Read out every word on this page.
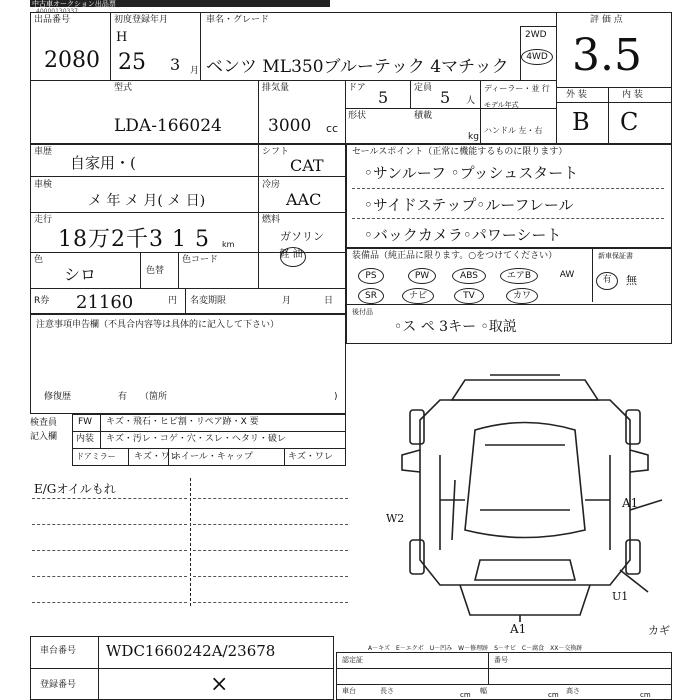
中古車オークション出品票
40000130337
出品番号
2080
初度登録年月
H
25 3 月
車名・グレード
ベンツ ML350ブルーテック 4マチック
2WD
4WD
評 価 点
3.5
外 装	内 装
B C
型式
LDA-166024
排気量
3000 cc
ドア 5	定員 5 人
形状	積載
kg
ディーラー・並 行
モデル年式
ハンドル 左・右
車歴
自家用・(
シフト
CAT
車検
メ 年 メ 月( メ 日)
冷房
AAC
走行
18万2千3 1 5 km
燃料
ガソリン
軽 油
色
シロ	色替
色コード
R券 21160	円 名変期限	月	日
セールスポイント（正常に機能するものに限ります）
◦サンルーフ ◦プッシュスタート
◦サイドステップ◦ルーフレール
◦バックカメラ◦パワーシート
装備品（純正品に限ります。○をつけてください）	新車保証書
PS	PW	ABS	エアB	AW
SR	ナビ	TV	カワ
有	無
後付品
◦ス ペ 3キー ◦取説
注意事項申告欄（不具合内容等は具体的に記入して下さい）
修復歴	有 （箇所	)
検査員
記入欄
FW キズ・飛石・ヒビ割・リペア跡・X 要
内装 キズ・汚レ・コゲ・穴・スレ・ヘタリ・破レ
ドアミラー キズ・ワレ
ホイール・キャップ	キズ・ワレ
E/Gオイルもれ
W2
A1
U1
A1	カギ
A－キズ　E－エクボ　U－凹み　W－修理跡　S－サビ　C－腐食　XX－交換跡
車台番号 WDC1660242A/23678
登録番号	×
認定証	番号
車台	長さ	cm 幅	cm 高さ	cm
